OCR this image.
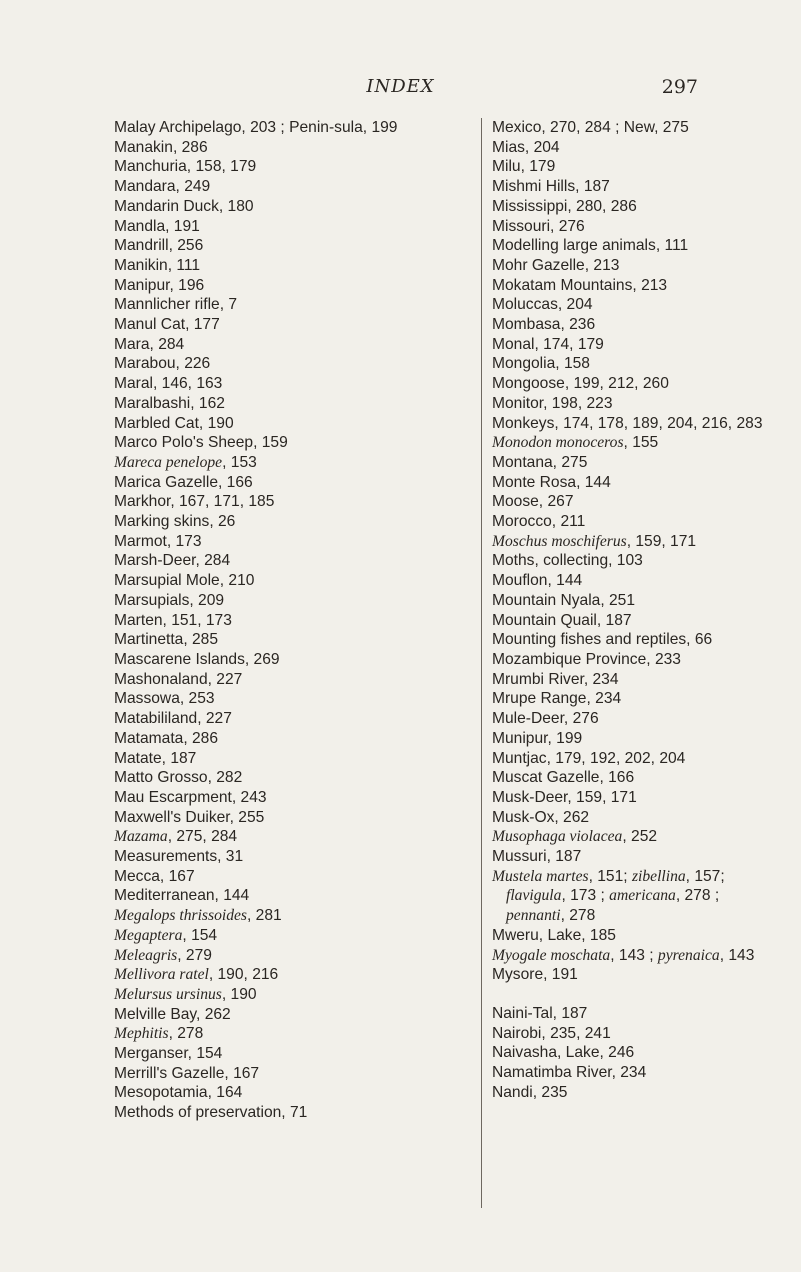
INDEX	297
Malay Archipelago, 203 ; Penin-sula, 199
Manakin, 286
Manchuria, 158, 179
Mandara, 249
Mandarin Duck, 180
Mandla, 191
Mandrill, 256
Manikin, 111
Manipur, 196
Mannlicher rifle, 7
Manul Cat, 177
Mara, 284
Marabou, 226
Maral, 146, 163
Maralbashi, 162
Marbled Cat, 190
Marco Polo's Sheep, 159
Mareca penelope, 153
Marica Gazelle, 166
Markhor, 167, 171, 185
Marking skins, 26
Marmot, 173
Marsh-Deer, 284
Marsupial Mole, 210
Marsupials, 209
Marten, 151, 173
Martinetta, 285
Mascarene Islands, 269
Mashonaland, 227
Massowa, 253
Matabililand, 227
Matamata, 286
Matate, 187
Matto Grosso, 282
Mau Escarpment, 243
Maxwell's Duiker, 255
Mazama, 275, 284
Measurements, 31
Mecca, 167
Mediterranean, 144
Megalops thrissoides, 281
Megaptera, 154
Meleagris, 279
Mellivora ratel, 190, 216
Melursus ursinus, 190
Melville Bay, 262
Mephitis, 278
Merganser, 154
Merrill's Gazelle, 167
Mesopotamia, 164
Methods of preservation, 71
Mexico, 270, 284 ; New, 275
Mias, 204
Milu, 179
Mishmi Hills, 187
Mississippi, 280, 286
Missouri, 276
Modelling large animals, 111
Mohr Gazelle, 213
Mokatam Mountains, 213
Moluccas, 204
Mombasa, 236
Monal, 174, 179
Mongolia, 158
Mongoose, 199, 212, 260
Monitor, 198, 223
Monkeys, 174, 178, 189, 204, 216, 283
Monodon monoceros, 155
Montana, 275
Monte Rosa, 144
Moose, 267
Morocco, 211
Moschus moschiferus, 159, 171
Moths, collecting, 103
Mouflon, 144
Mountain Nyala, 251
Mountain Quail, 187
Mounting fishes and reptiles, 66
Mozambique Province, 233
Mrumbi River, 234
Mrupe Range, 234
Mule-Deer, 276
Munipur, 199
Muntjac, 179, 192, 202, 204
Muscat Gazelle, 166
Musk-Deer, 159, 171
Musk-Ox, 262
Musophaga violacea, 252
Mussuri, 187
Mustela martes, 151; zibellina, 157; flavigula, 173 ; americana, 278 ; pennanti, 278
Mweru, Lake, 185
Myogale moschata, 143 ; pyrenaica, 143
Mysore, 191
Naini-Tal, 187
Nairobi, 235, 241
Naivasha, Lake, 246
Namatimba River, 234
Nandi, 235
